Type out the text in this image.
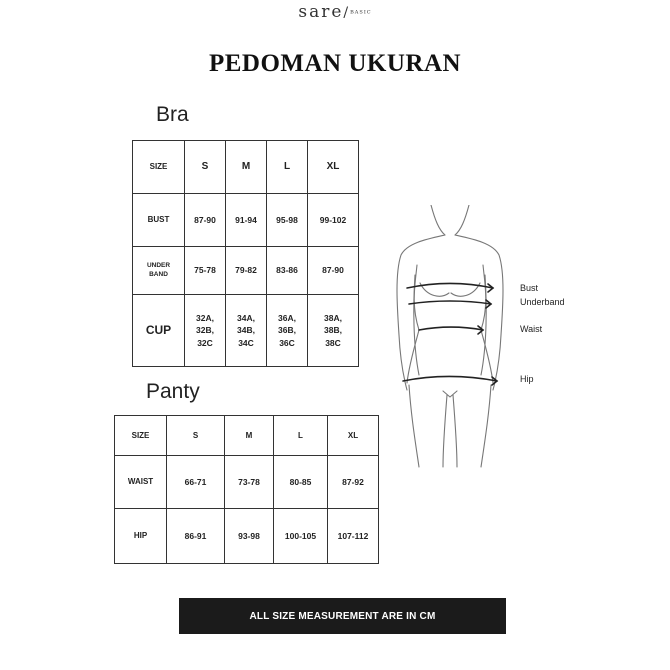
sare/BASIC
PEDOMAN UKURAN
Bra
SIZE	S	M	L	XL
BUST	87-90	91-94	95-98	99-102

UNDER BAND	75-78	79-82	83-86	87-90
CUP	32A, 32B, 32C	34A, 34B, 34C	36A, 36B, 36C	38A, 38B, 38C
Panty
SIZE	S	M	L	XL
WAIST	66-71	73-78	80-85	87-92
HIP	86-91	93-98	100-105	107-112
Bust
Underband
Waist
Hip
ALL SIZE MEASUREMENT ARE IN CM
